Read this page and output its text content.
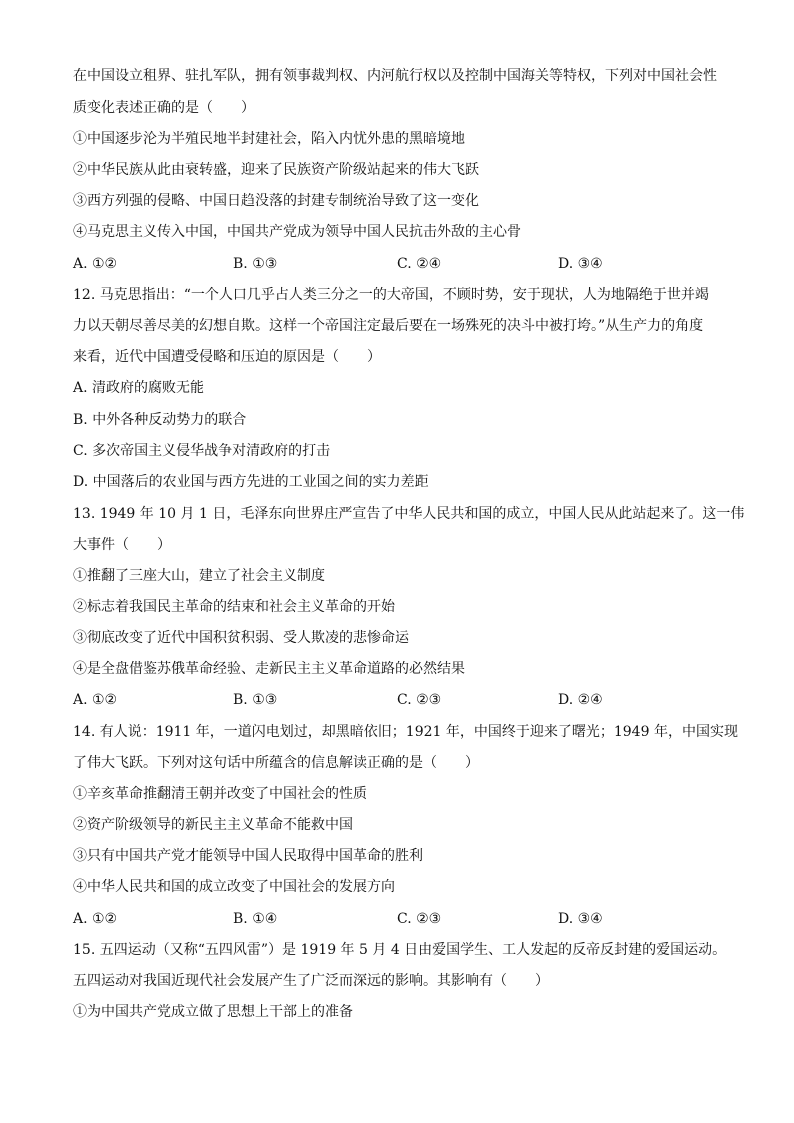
在中国设立租界、驻扎军队，拥有领事裁判权、内河航行权以及控制中国海关等特权，下列对中国社会性
质变化表述正确的是（　　）
①中国逐步沦为半殖民地半封建社会，陷入内忧外患的黑暗境地
②中华民族从此由衰转盛，迎来了民族资产阶级站起来的伟大飞跃
③西方列强的侵略、中国日趋没落的封建专制统治导致了这一变化
④马克思主义传入中国，中国共产党成为领导中国人民抗击外敌的主心骨
A. ①②	B. ①③	C. ②④	D. ③④
12. 马克思指出：“一个人口几乎占人类三分之一的大帝国，不顾时势，安于现状，人为地隔绝于世并竭
力以天朝尽善尽美的幻想自欺。这样一个帝国注定最后要在一场殊死的决斗中被打垮。”从生产力的角度
来看，近代中国遭受侵略和压迫的原因是（　　）
A. 清政府的腐败无能
B. 中外各种反动势力的联合
C. 多次帝国主义侵华战争对清政府的打击
D. 中国落后的农业国与西方先进的工业国之间的实力差距
13. 1949 年 10 月 1 日，毛泽东向世界庄严宣告了中华人民共和国的成立，中国人民从此站起来了。这一伟
大事件（　　）
①推翻了三座大山，建立了社会主义制度
②标志着我国民主革命的结束和社会主义革命的开始
③彻底改变了近代中国积贫积弱、受人欺凌的悲惨命运
④是全盘借鉴苏俄革命经验、走新民主主义革命道路的必然结果
A. ①②	B. ①③	C. ②③	D. ②④
14. 有人说：1911 年，一道闪电划过，却黑暗依旧；1921 年，中国终于迎来了曙光；1949 年，中国实现
了伟大飞跃。下列对这句话中所蕴含的信息解读正确的是（　　）
①辛亥革命推翻清王朝并改变了中国社会的性质
②资产阶级领导的新民主主义革命不能救中国
③只有中国共产党才能领导中国人民取得中国革命的胜利
④中华人民共和国的成立改变了中国社会的发展方向
A. ①②	B. ①④	C. ②③	D. ③④
15. 五四运动（又称“五四风雷”）是 1919 年 5 月 4 日由爱国学生、工人发起的反帝反封建的爱国运动。
五四运动对我国近现代社会发展产生了广泛而深远的影响。其影响有（　　）
①为中国共产党成立做了思想上干部上的准备
